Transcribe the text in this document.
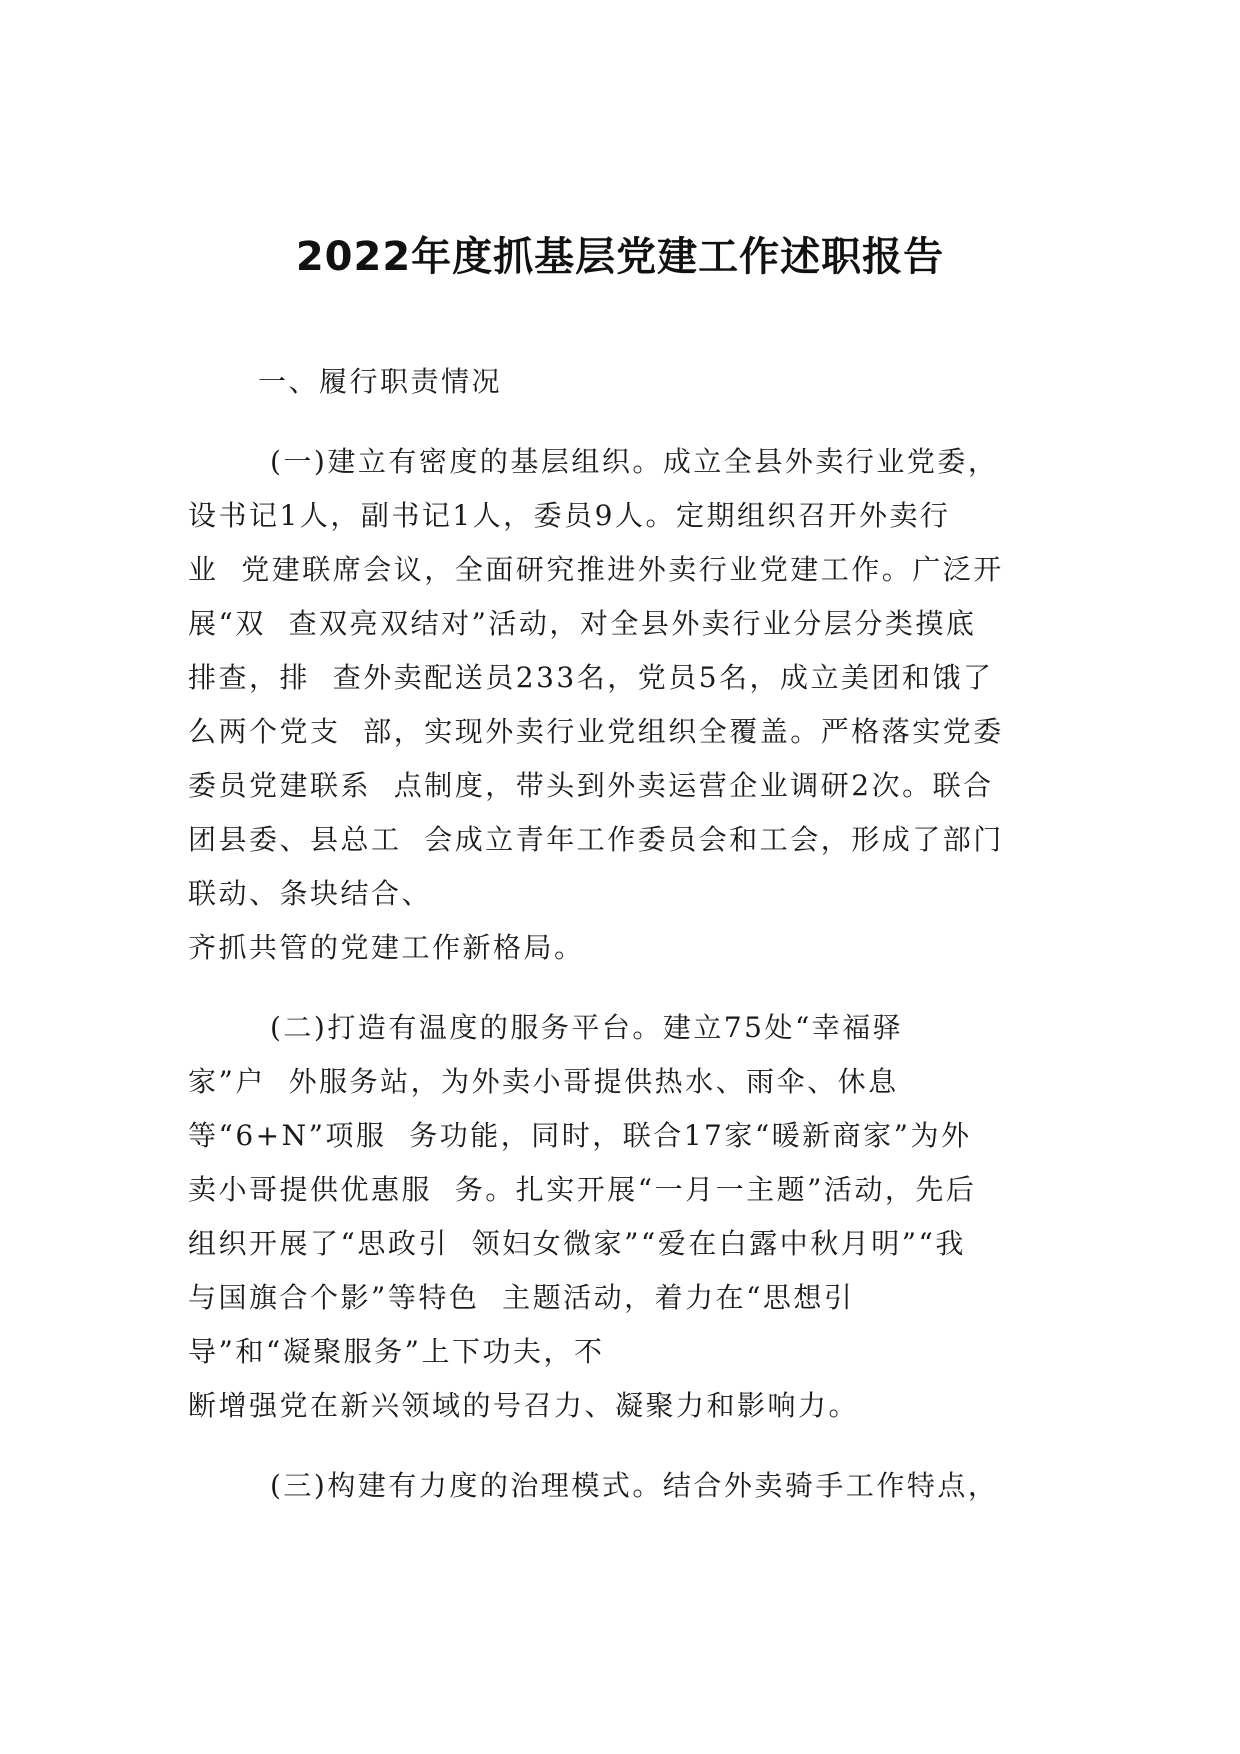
2022年度抓基层党建工作述职报告
一、履行职责情况
(一)建立有密度的基层组织。成立全县外卖行业党委，
设书记1人，副书记1人，委员9人。定期组织召开外卖行
业  党建联席会议，全面研究推进外卖行业党建工作。广泛开
展“双  查双亮双结对”活动，对全县外卖行业分层分类摸底
排查，排  查外卖配送员233名，党员5名，成立美团和饿了
么两个党支  部，实现外卖行业党组织全覆盖。严格落实党委
委员党建联系  点制度，带头到外卖运营企业调研2次。联合
团县委、县总工  会成立青年工作委员会和工会，形成了部门
联动、条块结合、
齐抓共管的党建工作新格局。
(二)打造有温度的服务平台。建立75处“幸福驿
家”户  外服务站，为外卖小哥提供热水、雨伞、休息
等“6+N”项服  务功能，同时，联合17家“暖新商家”为外
卖小哥提供优惠服  务。扎实开展“一月一主题”活动，先后
组织开展了“思政引  领妇女微家”“爱在白露中秋月明”“我
与国旗合个影”等特色  主题活动，着力在“思想引
导”和“凝聚服务”上下功夫，不
断增强党在新兴领域的号召力、凝聚力和影响力。
(三)构建有力度的治理模式。结合外卖骑手工作特点，
